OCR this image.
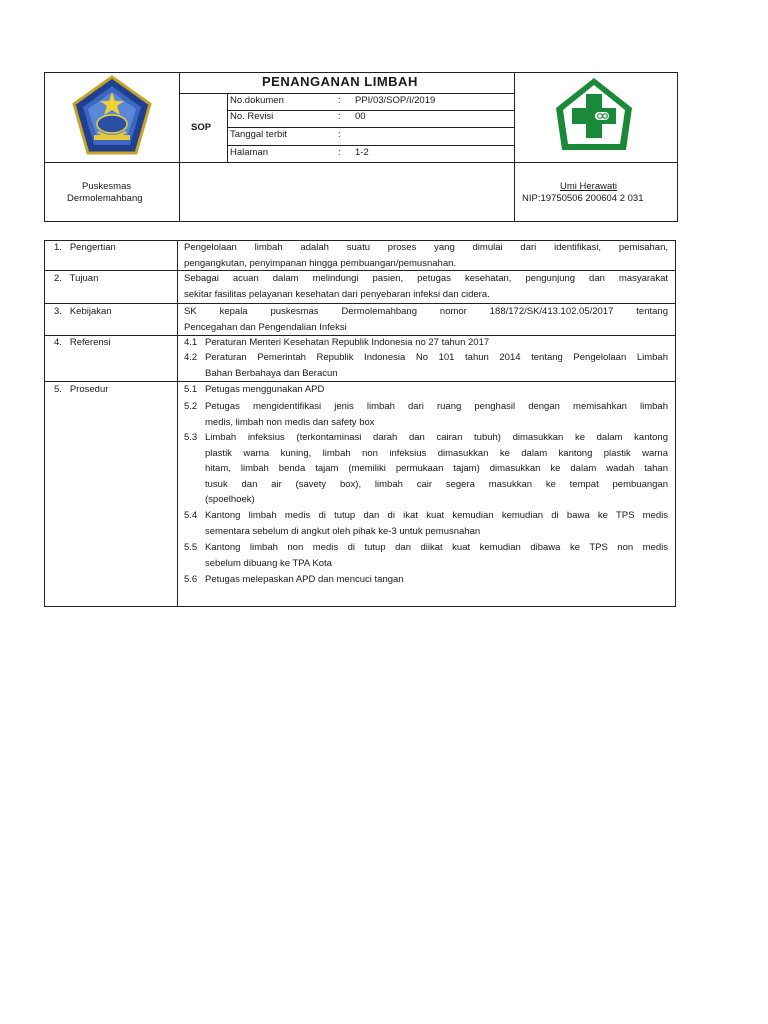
PENANGANAN LIMBAH
SOP
No.dokumen	: PPI/03/SOP/I/2019
No. Revisi	: 00
Tanggal terbit	:
Halaman	: 1-2
Puskesmas
Dermolemahbang
Umi Herawati
NIP:19750506 200604 2 031
1.   Pengertian	Pengelolaan limbah adalah suatu proses yang dimulai dari identifikasi, pemisahan,
pengangkutan, penyimpanan hingga pembuangan/pemusnahan.
2.   Tujuan	Sebagai acuan dalam melindungi pasien, petugas kesehatan, pengunjung dan masyarakat
sekitar fasilitas pelayanan kesehatan dari penyebaran infeksi dan cidera.
3.   Kebijakan	SK kepala puskesmas Dermolemahbang nomor 188/172/SK/413.102.05/2017 tentang
Pencegahan dan Pengendalian Infeksi
4.   Referensi	4.1 Peraturan Menteri Kesehatan Republik Indonesia no 27 tahun 2017
4.2 Peraturan Pemerintah Republik Indonesia No 101 tahun 2014 tentang Pengelolaan Limbah
Bahan Berbahaya dan Beracun
5.   Prosedur	5.1 Petugas menggunakan APD
5.2 Petugas mengidentifikasi jenis limbah dari ruang penghasil dengan memisahkan limbah
medis, limbah non medis dan safety box
5.3 Limbah infeksius (terkontaminasi darah dan cairan tubuh) dimasukkan ke dalam kantong
plastik warna kuning, limbah non infeksius dimasukkan ke dalam kantong plastik warna
hitam, limbah benda tajam (memiliki permukaan tajam) dimasukkan ke dalam wadah tahan
tusuk dan air (savety box), limbah cair segera masukkan ke tempat pembuangan
(spoelhoek)
5.4 Kantong limbah medis di tutup dan di ikat kuat kemudian kemudian di bawa ke TPS medis
sementara sebelum di angkut oleh pihak ke-3 untuk pemusnahan
5.5 Kantong limbah non medis di tutup dan diikat kuat kemudian dibawa ke TPS non medis
sebelum dibuang ke TPA Kota
5.6 Petugas melepaskan APD dan mencuci tangan
